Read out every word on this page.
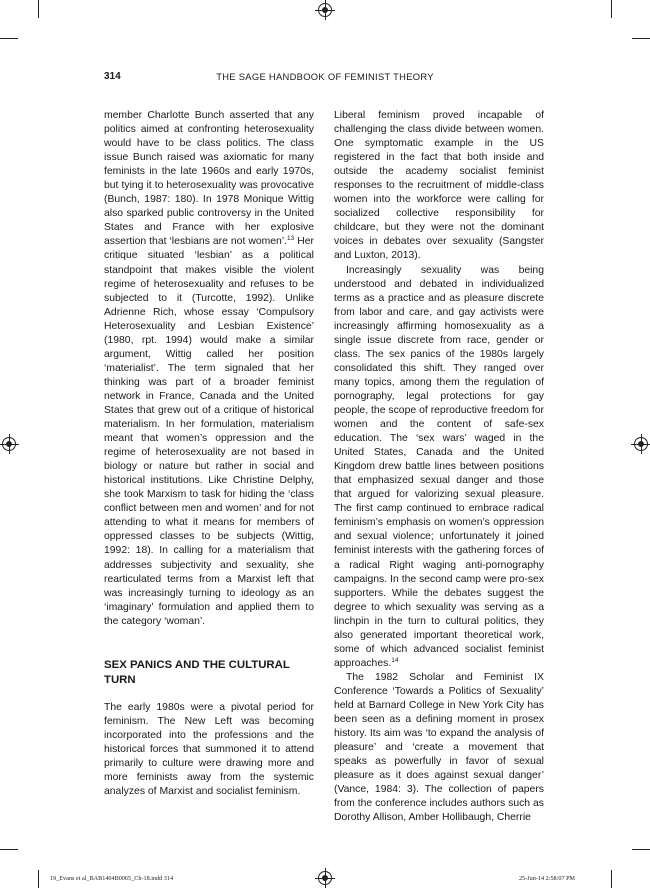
314	THE SAGE HANDBOOK OF FEMINIST THEORY

member Charlotte Bunch asserted that any politics aimed at confronting heterosexuality would have to be class politics. The class issue Bunch raised was axiomatic for many feminists in the late 1960s and early 1970s, but tying it to heterosexuality was provocative (Bunch, 1987: 180). In 1978 Monique Wittig also sparked public controversy in the United States and France with her explosive assertion that ‘lesbians are not women’.$^{13}$ Her critique situated ‘lesbian’ as a political standpoint that makes visible the violent regime of heterosexuality and refuses to be subjected to it (Turcotte, 1992). Unlike Adrienne Rich, whose essay ‘Compulsory Heterosexuality and Lesbian Existence’ (1980, rpt. 1994) would make a similar argument, Wittig called her position ‘materialist’. The term signaled that her thinking was part of a broader feminist network in France, Canada and the United States that grew out of a critique of historical materialism. In her formulation, materialism meant that women’s oppression and the regime of heterosexuality are not based in biology or nature but rather in social and historical institutions. Like Christine Delphy, she took Marxism to task for hiding the ‘class conflict between men and women’ and for not attending to what it means for members of oppressed classes to be subjects (Wittig, 1992: 18). In calling for a materialism that addresses subjectivity and sexuality, she rearticulated terms from a Marxist left that was increasingly turning to ideology as an ‘imaginary’ formulation and applied them to the category ‘woman’.

SEX PANICS AND THE CULTURAL TURN

The early 1980s were a pivotal period for feminism. The New Left was becoming incorporated into the professions and the historical forces that summoned it to attend primarily to culture were drawing more and more feminists away from the systemic analyzes of Marxist and socialist feminism.

Liberal feminism proved incapable of challenging the class divide between women. One symptomatic example in the US registered in the fact that both inside and outside the academy socialist feminist responses to the recruitment of middle-class women into the workforce were calling for socialized collective responsibility for childcare, but they were not the dominant voices in debates over sexuality (Sangster and Luxton, 2013).

Increasingly sexuality was being understood and debated in individualized terms as a practice and as pleasure discrete from labor and care, and gay activists were increasingly affirming homosexuality as a single issue discrete from race, gender or class. The sex panics of the 1980s largely consolidated this shift. They ranged over many topics, among them the regulation of pornography, legal protections for gay people, the scope of reproductive freedom for women and the content of safe-sex education. The ‘sex wars’ waged in the United States, Canada and the United Kingdom drew battle lines between positions that emphasized sexual danger and those that argued for valorizing sexual pleasure. The first camp continued to embrace radical feminism’s emphasis on women’s oppression and sexual violence; unfortunately it joined feminist interests with the gathering forces of a radical Right waging anti-pornography campaigns. In the second camp were pro-sex supporters. While the debates suggest the degree to which sexuality was serving as a linchpin in the turn to cultural politics, they also generated important theoretical work, some of which advanced socialist feminist approaches.$^{14}$

The 1982 Scholar and Feminist IX Conference ‘Towards a Politics of Sexuality’ held at Barnard College in New York City has been seen as a defining moment in prosex history. Its aim was ‘to expand the analysis of pleasure’ and ‘create a movement that speaks as powerfully in favor of sexual pleasure as it does against sexual danger’ (Vance, 1984: 3). The collection of papers from the conference includes authors such as Dorothy Allison, Amber Hollibaugh, Cherrie

19_Evans et al_BAB1404B0065_Ch-18.indd 314	25-Jun-14 2:58:07 PM
